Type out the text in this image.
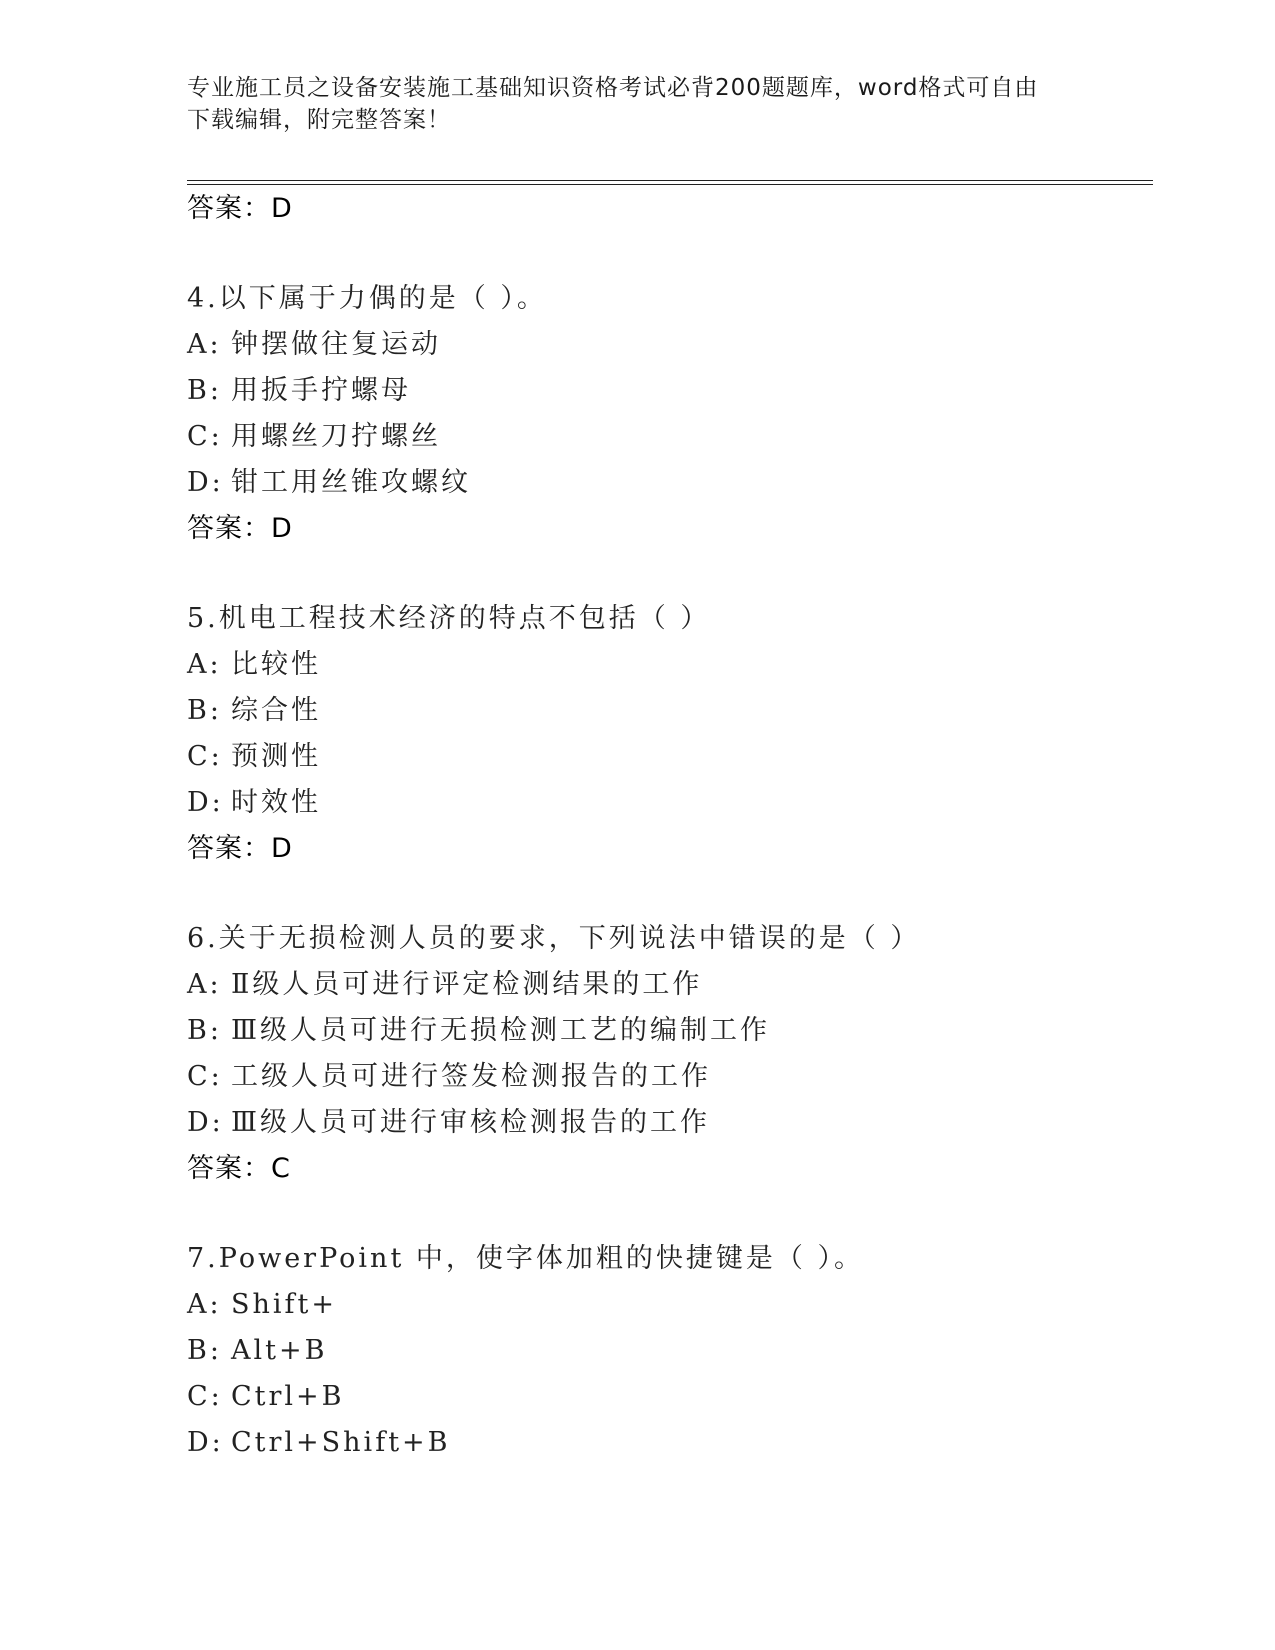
专业施工员之设备安装施工基础知识资格考试必背200题题库，word格式可自由
下载编辑，附完整答案！
答案：D
4.以下属于力偶的是（ ）。
A: 钟摆做往复运动
B: 用扳手拧螺母
C: 用螺丝刀拧螺丝
D: 钳工用丝锥攻螺纹
答案：D
5.机电工程技术经济的特点不包括（ ）
A: 比较性
B: 综合性
C: 预测性
D: 时效性
答案：D
6.关于无损检测人员的要求，下列说法中错误的是（ ）
A: Ⅱ级人员可进行评定检测结果的工作
B: Ⅲ级人员可进行无损检测工艺的编制工作
C: 工级人员可进行签发检测报告的工作
D: Ⅲ级人员可进行审核检测报告的工作
答案：C
7.PowerPoint 中，使字体加粗的快捷键是（ ）。
A: Shift+
B: Alt+B
C: Ctrl+B
D: Ctrl+Shift+B
